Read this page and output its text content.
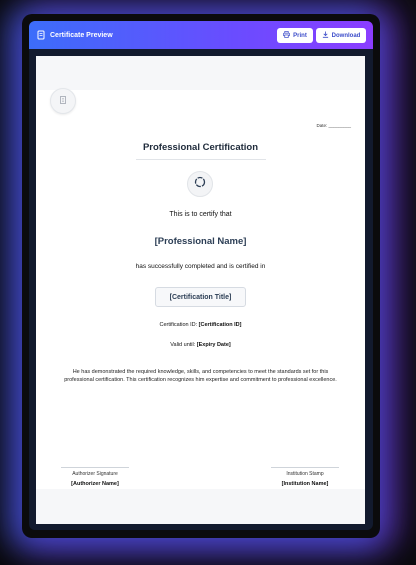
Certificate Preview	Print	Download
Date: _________
Professional Certification
This is to certify that
[Professional Name]
has successfully completed and is certified in
[Certification Title]
Certification ID: [Certification ID]
Valid until: [Expiry Date]
He has demonstrated the required knowledge, skills, and competencies to meet the standards set for this professional certification. This certification recognizes him expertise and commitment to professional excellence.
Authorizer Signature
[Authorizer Name]
Institution Stamp
[Institution Name]
